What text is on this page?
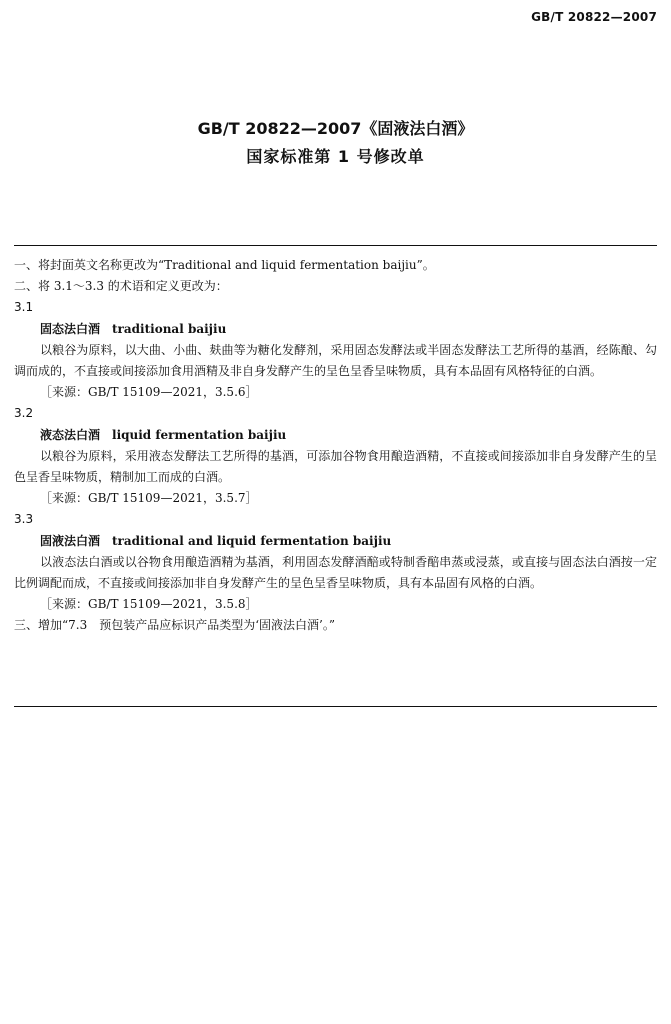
GB/T 20822—2007
GB/T 20822—2007《固液法白酒》
国家标准第 1 号修改单

一、将封面英文名称更改为“Traditional and liquid fermentation baijiu”。

二、将 3.1～3.3 的术语和定义更改为：

3.1

固态法白酒 traditional baijiu

以粮谷为原料，以大曲、小曲、麸曲等为糖化发酵剂，采用固态发酵法或半固态发酵法工艺所得的基酒，经陈酿、勾调而成的，不直接或间接添加食用酒精及非自身发酵产生的呈色呈香呈味物质，具有本品固有风格特征的白酒。

［来源：GB/T 15109—2021，3.5.6］

3.2

液态法白酒 liquid fermentation baijiu

以粮谷为原料，采用液态发酵法工艺所得的基酒，可添加谷物食用酿造酒精，不直接或间接添加非自身发酵产生的呈色呈香呈味物质，精制加工而成的白酒。

［来源：GB/T 15109—2021，3.5.7］

3.3

固液法白酒 traditional and liquid fermentation baijiu

以液态法白酒或以谷物食用酿造酒精为基酒，利用固态发酵酒醅或特制香醅串蒸或浸蒸，或直接与固态法白酒按一定比例调配而成，不直接或间接添加非自身发酵产生的呈色呈香呈味物质，具有本品固有风格的白酒。

［来源：GB/T 15109—2021，3.5.8］

三、增加“7.3　预包装产品应标识产品类型为‘固液法白酒’。”
